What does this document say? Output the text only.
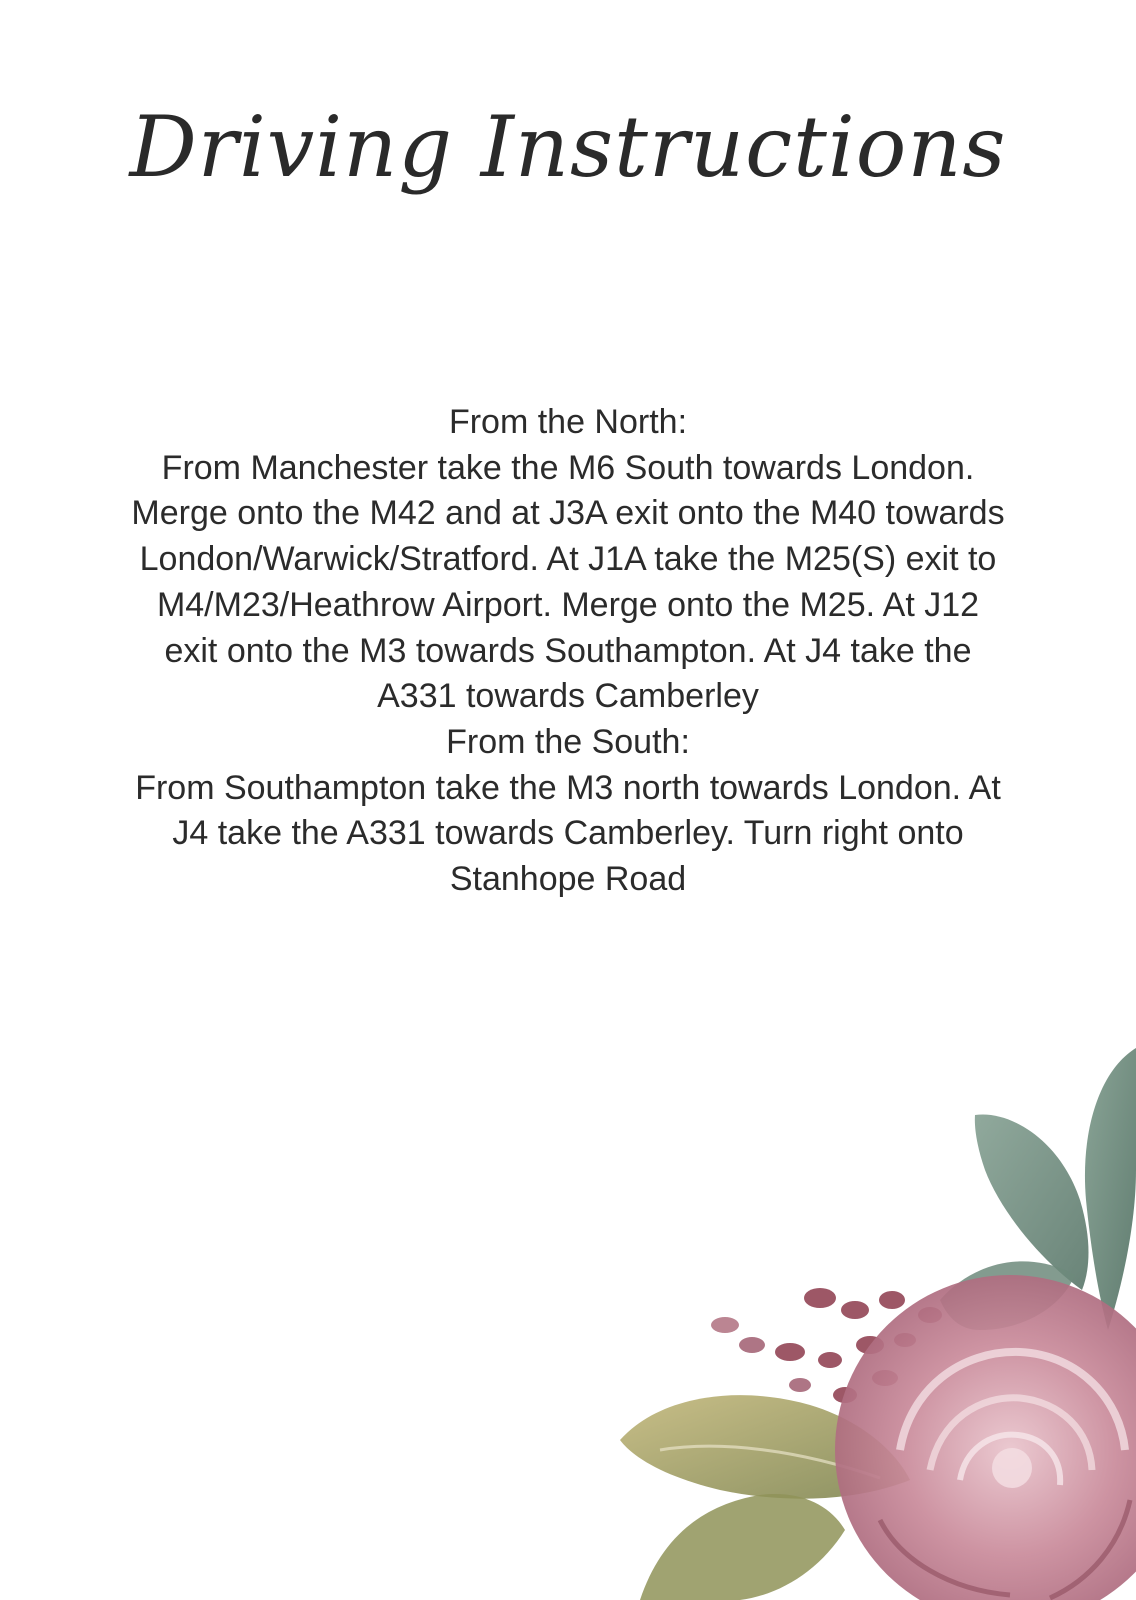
Driving Instructions

From the North:

From Manchester take the M6 South towards London. Merge onto the M42 and at J3A exit onto the M40 towards London/Warwick/Stratford. At J1A take the M25(S) exit to M4/M23/Heathrow Airport. Merge onto the M25. At J12 exit onto the M3 towards Southampton. At J4 take the A331 towards Camberley

From the South:

From Southampton take the M3 north towards London. At J4 take the A331 towards Camberley. Turn right onto Stanhope Road
